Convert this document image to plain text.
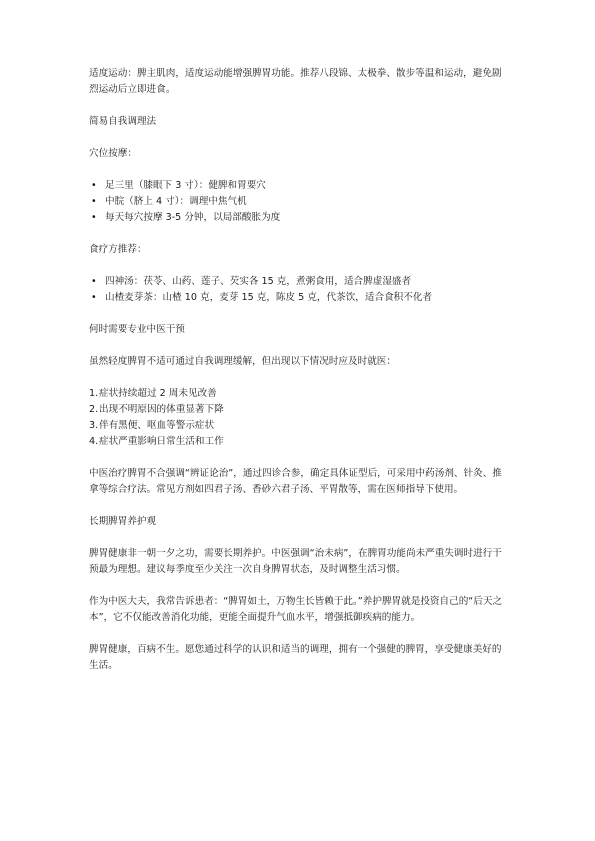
适度运动：脾主肌肉，适度运动能增强脾胃功能。推荐八段锦、太极拳、散步等温和运动，避免剧烈运动后立即进食。

简易自我调理法

穴位按摩：

• 足三里（膝眼下 3 寸）：健脾和胃要穴
• 中脘（脐上 4 寸）：调理中焦气机
• 每天每穴按摩 3-5 分钟，以局部酸胀为度

食疗方推荐：

• 四神汤：茯苓、山药、莲子、芡实各 15 克，煮粥食用，适合脾虚湿盛者
• 山楂麦芽茶：山楂 10 克，麦芽 15 克，陈皮 5 克，代茶饮，适合食积不化者

何时需要专业中医干预

虽然轻度脾胃不适可通过自我调理缓解，但出现以下情况时应及时就医：

1. 症状持续超过 2 周未见改善
2. 出现不明原因的体重显著下降
3. 伴有黑便、呕血等警示症状
4. 症状严重影响日常生活和工作

中医治疗脾胃不合强调“辨证论治”，通过四诊合参，确定具体证型后，可采用中药汤剂、针灸、推拿等综合疗法。常见方剂如四君子汤、香砂六君子汤、平胃散等，需在医师指导下使用。

长期脾胃养护观

脾胃健康非一朝一夕之功，需要长期养护。中医强调“治未病”，在脾胃功能尚未严重失调时进行干预最为理想。建议每季度至少关注一次自身脾胃状态，及时调整生活习惯。

作为中医大夫，我常告诉患者：“脾胃如土，万物生长皆赖于此。”养护脾胃就是投资自己的“后天之本”，它不仅能改善消化功能，更能全面提升气血水平，增强抵御疾病的能力。

脾胃健康，百病不生。愿您通过科学的认识和适当的调理，拥有一个强健的脾胃，享受健康美好的生活。
